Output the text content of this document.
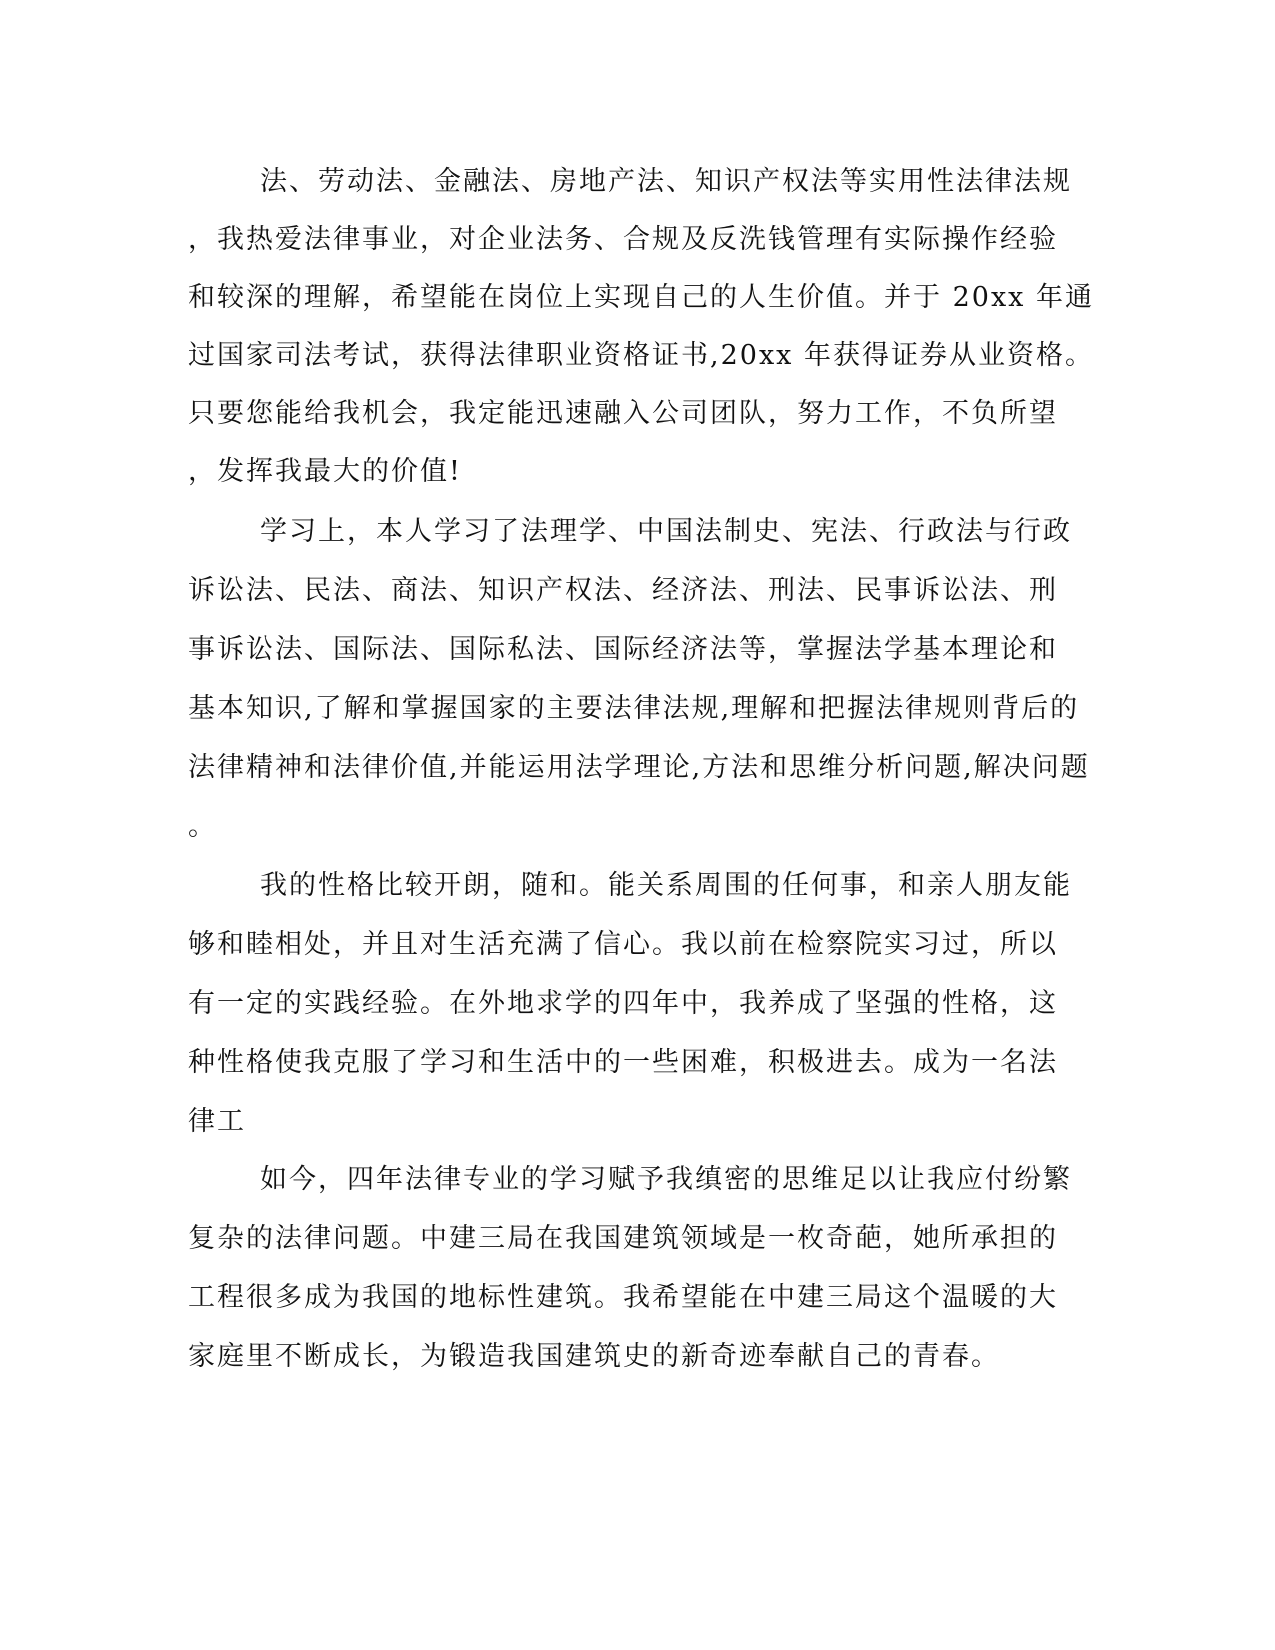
法、劳动法、金融法、房地产法、知识产权法等实用性法律法规
，我热爱法律事业，对企业法务、合规及反洗钱管理有实际操作经验
和较深的理解，希望能在岗位上实现自己的人生价值。并于 20xx 年通
过国家司法考试，获得法律职业资格证书,20xx 年获得证券从业资格。
只要您能给我机会，我定能迅速融入公司团队，努力工作，不负所望
，发挥我最大的价值!
学习上，本人学习了法理学、中国法制史、宪法、行政法与行政
诉讼法、民法、商法、知识产权法、经济法、刑法、民事诉讼法、刑
事诉讼法、国际法、国际私法、国际经济法等，掌握法学基本理论和
基本知识,了解和掌握国家的主要法律法规,理解和把握法律规则背后的
法律精神和法律价值,并能运用法学理论,方法和思维分析问题,解决问题
。
我的性格比较开朗，随和。能关系周围的任何事，和亲人朋友能
够和睦相处，并且对生活充满了信心。我以前在检察院实习过，所以
有一定的实践经验。在外地求学的四年中，我养成了坚强的性格，这
种性格使我克服了学习和生活中的一些困难，积极进去。成为一名法
律工
如今，四年法律专业的学习赋予我缜密的思维足以让我应付纷繁
复杂的法律问题。中建三局在我国建筑领域是一枚奇葩，她所承担的
工程很多成为我国的地标性建筑。我希望能在中建三局这个温暖的大
家庭里不断成长，为锻造我国建筑史的新奇迹奉献自己的青春。
